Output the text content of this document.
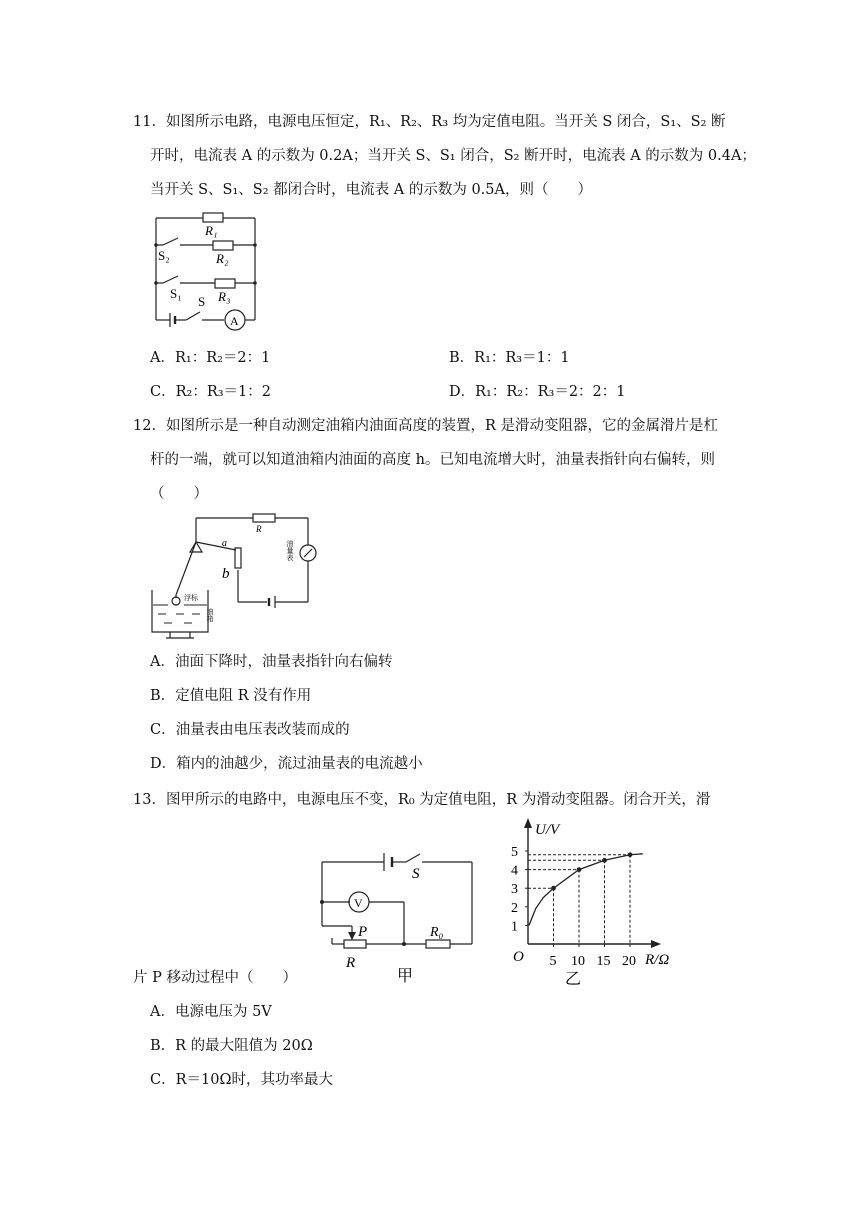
11．如图所示电路，电源电压恒定，R₁、R₂、R₃ 均为定值电阻。当开关 S 闭合，S₁、S₂ 断
开时，电流表 A 的示数为 0.2A；当开关 S、S₁ 闭合，S₂ 断开时，电流表 A 的示数为 0.4A；
当开关 S、S₁、S₂ 都闭合时，电流表 A 的示数为 0.5A，则（　　）
R₁
R₂
R₃
S₂
S₁
S
A
A．R₁：R₂＝2：1	B．R₁：R₃＝1：1
C．R₂：R₃＝1：2	D．R₁：R₂：R₃＝2：2：1
12．如图所示是一种自动测定油箱内油面高度的装置，R 是滑动变阻器，它的金属滑片是杠
杆的一端，就可以知道油箱内油面的高度 h。已知电流增大时，油量表指针向右偏转，则
（　　）
R
a
b
浮标
油箱
油量表
A．油面下降时，油量表指针向右偏转
B．定值电阻 R 没有作用
C．油量表由电压表改装而成的
D．箱内的油越少，流过油量表的电流越小
13．图甲所示的电路中，电源电压不变，R₀ 为定值电阻，R 为滑动变阻器。闭合开关，滑
S
V
P
R
R₀
甲
1
2
3
4
5
5 10 15 20
U/V
R/Ω
O
乙
片 P 移动过程中（　　）
A．电源电压为 5V
B．R 的最大阻值为 20Ω
C．R＝10Ω时，其功率最大
